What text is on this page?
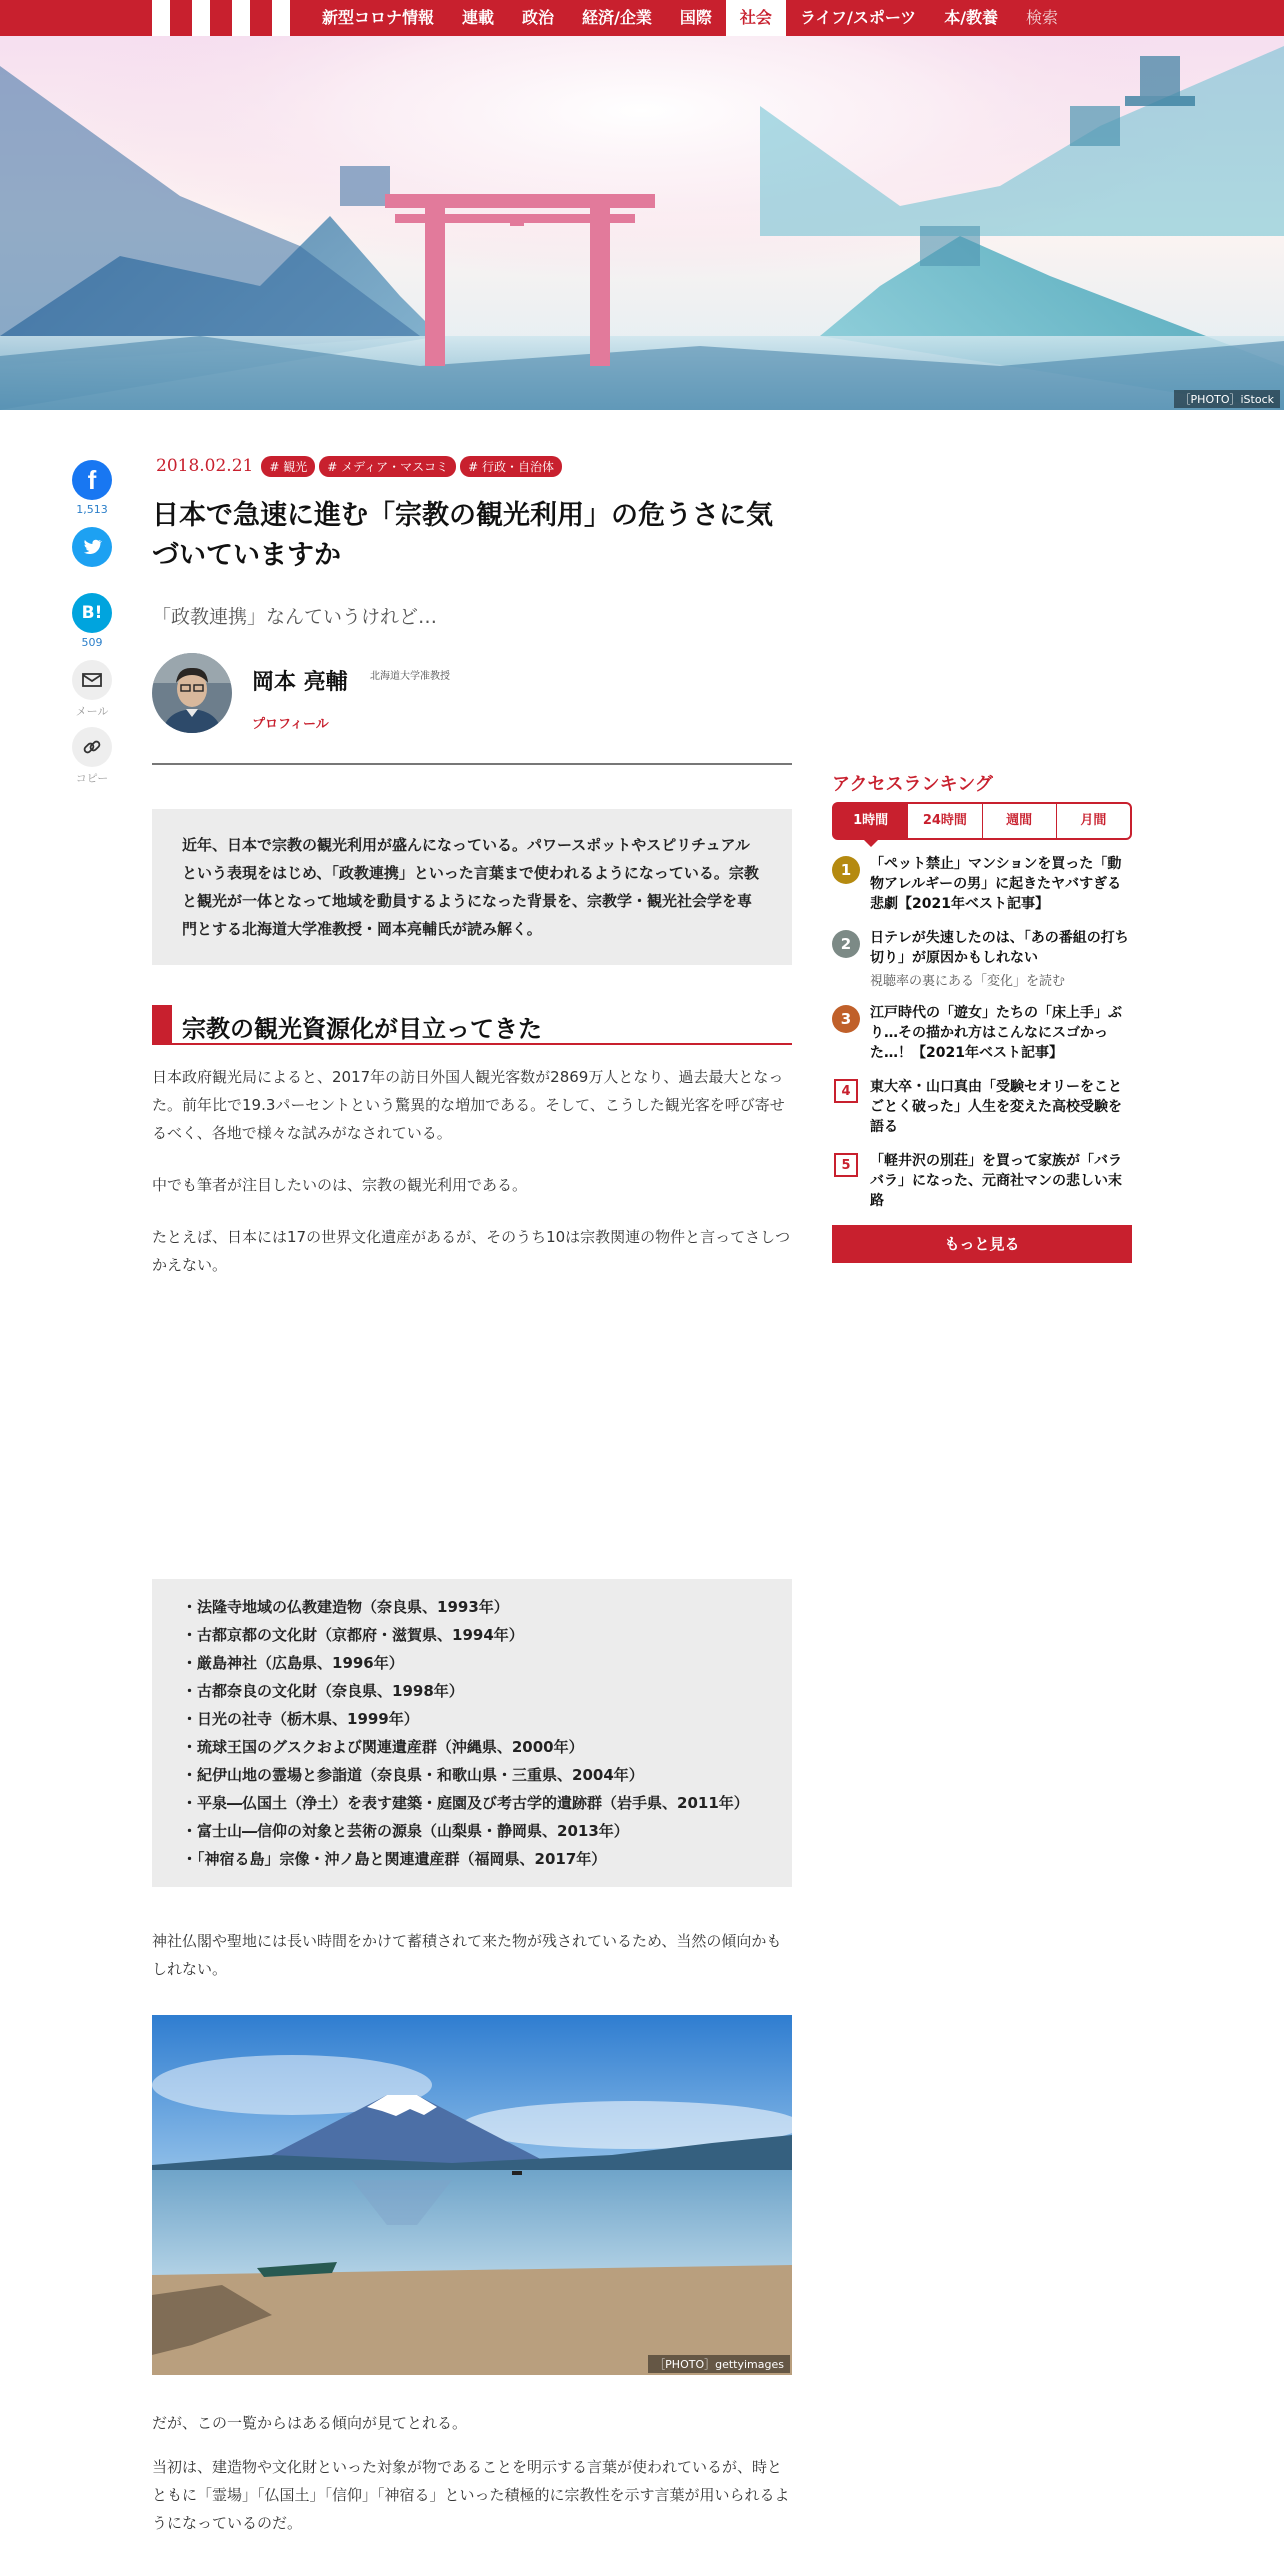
新型コロナ情報	連載	政治	経済/企業	国際	社会	ライフ/スポーツ	本/教養	検索
［PHOTO］iStock
f
1,513
B!
509
メール
コピー
2018.02.21	# 観光	# メディア・マスコミ	# 行政・自治体
日本で急速に進む「宗教の観光利用」の危うさに気づいていますか
「政教連携」なんていうけれど…
岡本 亮輔 北海道大学准教授
プロフィール
近年、日本で宗教の観光利用が盛んになっている。パワースポットやスピリチュアルという表現をはじめ、「政教連携」といった言葉まで使われるようになっている。宗教と観光が一体となって地域を動員するようになった背景を、宗教学・観光社会学を専門とする北海道大学准教授・岡本亮輔氏が読み解く。
宗教の観光資源化が目立ってきた
日本政府観光局によると、2017年の訪日外国人観光客数が2869万人となり、過去最大となった。前年比で19.3パーセントという驚異的な増加である。そして、こうした観光客を呼び寄せるべく、各地で様々な試みがなされている。
中でも筆者が注目したいのは、宗教の観光利用である。
たとえば、日本には17の世界文化遺産があるが、そのうち10は宗教関連の物件と言ってさしつかえない。
・法隆寺地域の仏教建造物（奈良県、1993年）
・古都京都の文化財（京都府・滋賀県、1994年）
・厳島神社（広島県、1996年）
・古都奈良の文化財（奈良県、1998年）
・日光の社寺（栃木県、1999年）
・琉球王国のグスクおよび関連遺産群（沖縄県、2000年）
・紀伊山地の霊場と参詣道（奈良県・和歌山県・三重県、2004年）
・平泉―仏国土（浄土）を表す建築・庭園及び考古学的遺跡群（岩手県、2011年）
・富士山―信仰の対象と芸術の源泉（山梨県・静岡県、2013年）
・「神宿る島」宗像・沖ノ島と関連遺産群（福岡県、2017年）
神社仏閣や聖地には長い時間をかけて蓄積されて来た物が残されているため、当然の傾向かもしれない。
［PHOTO］gettyimages
だが、この一覧からはある傾向が見てとれる。
当初は、建造物や文化財といった対象が物であることを明示する言葉が使われているが、時とともに「霊場」「仏国土」「信仰」「神宿る」といった積極的に宗教性を示す言葉が用いられるようになっているのだ。
アクセスランキング
1時間	24時間	週間	月間
1	「ペット禁止」マンションを買った「動物アレルギーの男」に起きたヤバすぎる悲劇【2021年ベスト記事】
2	日テレが失速したのは、「あの番組の打ち切り」が原因かもしれない
視聴率の裏にある「変化」を読む
3	江戸時代の「遊女」たちの「床上手」ぶり…その描かれ方はこんなにスゴかった…！【2021年ベスト記事】
4	東大卒・山口真由「受験セオリーをことごとく破った」人生を変えた高校受験を語る
5	「軽井沢の別荘」を買って家族が「バラバラ」になった、元商社マンの悲しい末路
もっと見る
